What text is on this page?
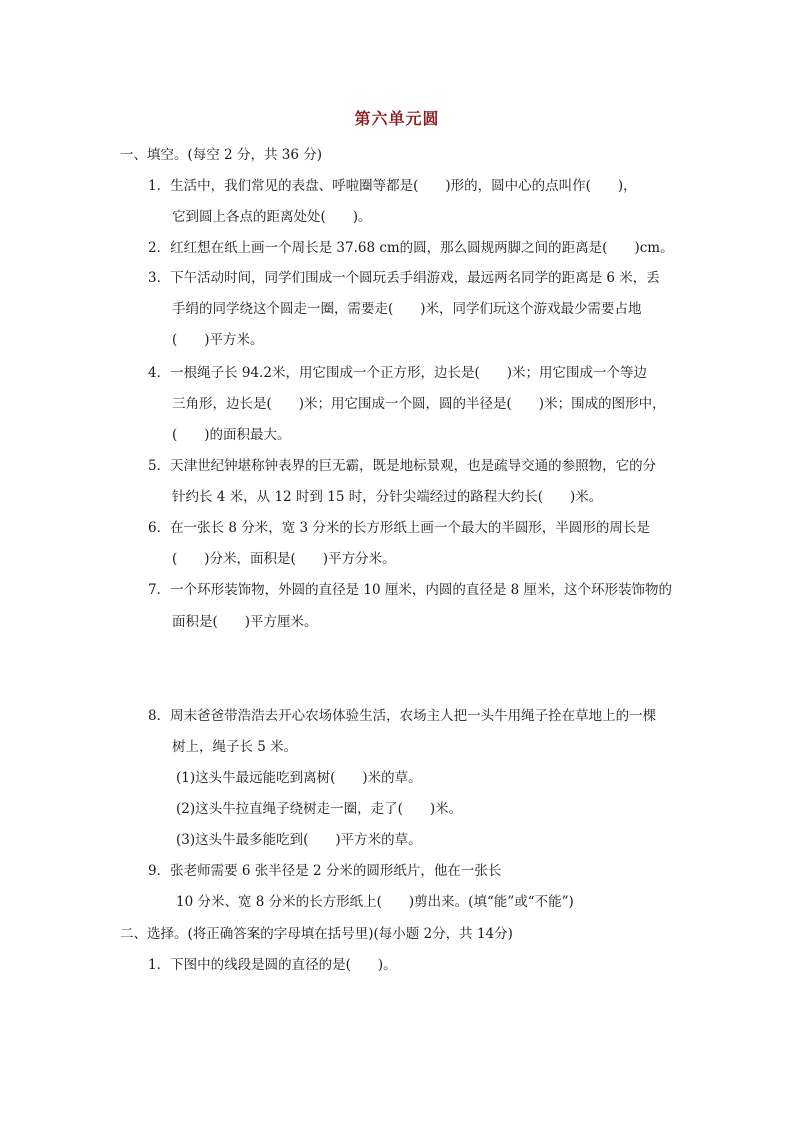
第六单元圆
一、填空。(每空 2 分，共 36 分)
1．生活中，我们常见的表盘、呼啦圈等都是(　　)形的，圆中心的点叫作(　　)，
它到圆上各点的距离处处(　　)。
2．红红想在纸上画一个周长是 37.68 cm的圆，那么圆规两脚之间的距离是(　　)cm。
3．下午活动时间，同学们围成一个圆玩丢手绢游戏，最远两名同学的距离是 6 米，丢
手绢的同学绕这个圆走一圈，需要走(　　)米，同学们玩这个游戏最少需要占地
(　　)平方米。
4．一根绳子长 94.2米，用它围成一个正方形，边长是(　　)米；用它围成一个等边
三角形，边长是(　　)米；用它围成一个圆，圆的半径是(　　)米；围成的图形中，
(　　)的面积最大。
5．天津世纪钟堪称钟表界的巨无霸，既是地标景观，也是疏导交通的参照物，它的分
针约长 4 米，从 12 时到 15 时，分针尖端经过的路程大约长(　　)米。
6．在一张长 8 分米，宽 3 分米的长方形纸上画一个最大的半圆形，半圆形的周长是
(　　)分米，面积是(　　)平方分米。
7．一个环形装饰物，外圆的直径是 10 厘米，内圆的直径是 8 厘米，这个环形装饰物的
面积是(　　)平方厘米。
8．周末爸爸带浩浩去开心农场体验生活，农场主人把一头牛用绳子拴在草地上的一棵
树上，绳子长 5 米。
(1)这头牛最远能吃到离树(　　)米的草。
(2)这头牛拉直绳子绕树走一圈，走了(　　)米。
(3)这头牛最多能吃到(　　)平方米的草。
9．张老师需要 6 张半径是 2 分米的圆形纸片，他在一张长
10 分米、宽 8 分米的长方形纸上(　　)剪出来。(填“能”或“不能”)
二、选择。(将正确答案的字母填在括号里)(每小题 2分，共 14分)
1．下图中的线段是圆的直径的是(　　)。
